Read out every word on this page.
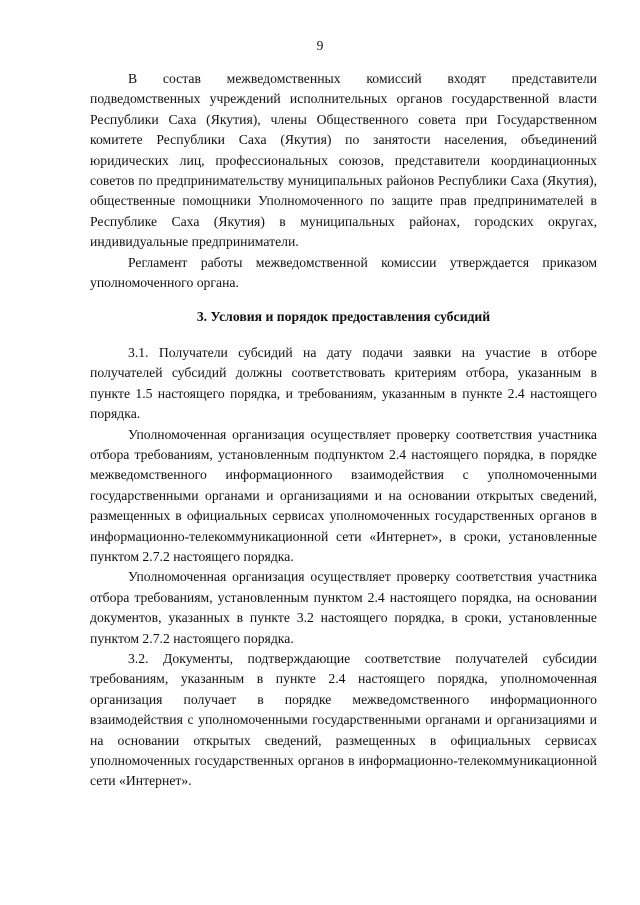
9

В состав межведомственных комиссий входят представители подведомственных учреждений исполнительных органов государственной власти Республики Саха (Якутия), члены Общественного совета при Государственном комитете Республики Саха (Якутия) по занятости населения, объединений юридических лиц, профессиональных союзов, представители координационных советов по предпринимательству муниципальных районов Республики Саха (Якутия), общественные помощники Уполномоченного по защите прав предпринимателей в Республике Саха (Якутия) в муниципальных районах, городских округах, индивидуальные предприниматели.

Регламент работы межведомственной комиссии утверждается приказом уполномоченного органа.

3. Условия и порядок предоставления субсидий

3.1. Получатели субсидий на дату подачи заявки на участие в отборе получателей субсидий должны соответствовать критериям отбора, указанным в пункте 1.5 настоящего порядка, и требованиям, указанным в пункте 2.4 настоящего порядка.

Уполномоченная организация осуществляет проверку соответствия участника отбора требованиям, установленным подпунктом 2.4 настоящего порядка, в порядке межведомственного информационного взаимодействия с уполномоченными государственными органами и организациями и на основании открытых сведений, размещенных в официальных сервисах уполномоченных государственных органов в информационно-телекоммуникационной сети «Интернет», в сроки, установленные пунктом 2.7.2 настоящего порядка.

Уполномоченная организация осуществляет проверку соответствия участника отбора требованиям, установленным пунктом 2.4 настоящего порядка, на основании документов, указанных в пункте 3.2 настоящего порядка, в сроки, установленные пунктом 2.7.2 настоящего порядка.

3.2. Документы, подтверждающие соответствие получателей субсидии требованиям, указанным в пункте 2.4 настоящего порядка, уполномоченная организация получает в порядке межведомственного информационного взаимодействия с уполномоченными государственными органами и организациями и на основании открытых сведений, размещенных в официальных сервисах уполномоченных государственных органов в информационно-телекоммуникационной сети «Интернет».
